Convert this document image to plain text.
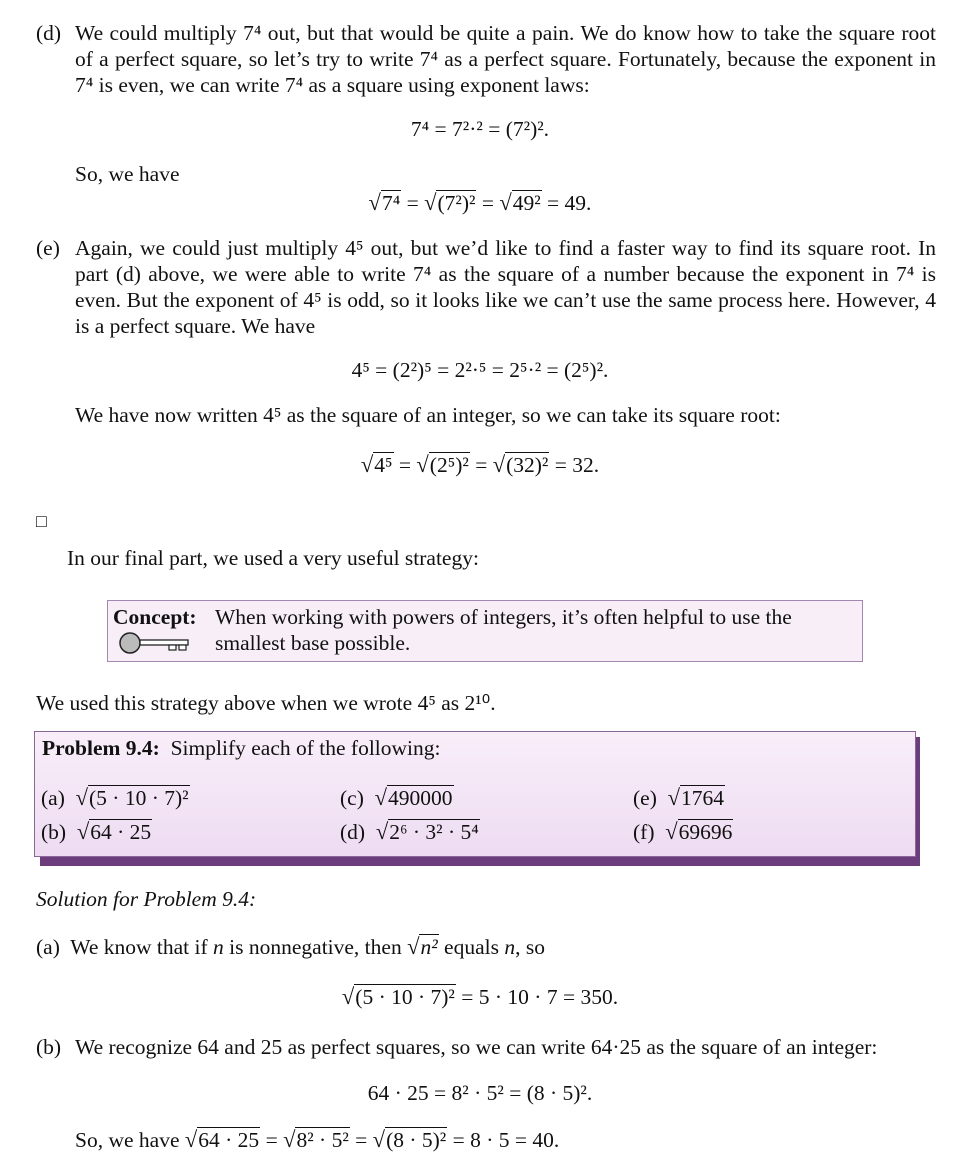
(d) We could multiply 7⁴ out, but that would be quite a pain. We do know how to take the square root of a perfect square, so let’s try to write 7⁴ as a perfect square. Fortunately, because the exponent in 7⁴ is even, we can write 7⁴ as a square using exponent laws:
7⁴ = 7²·² = (7²)².
So, we have
√7⁴ = √(7²)² = √49² = 49.
(e) Again, we could just multiply 4⁵ out, but we’d like to find a faster way to find its square root. In part (d) above, we were able to write 7⁴ as the square of a number because the exponent in 7⁴ is even. But the exponent of 4⁵ is odd, so it looks like we can’t use the same process here. However, 4 is a perfect square. We have
4⁵ = (2²)⁵ = 2²·⁵ = 2⁵·² = (2⁵)².
We have now written 4⁵ as the square of an integer, so we can take its square root:
√4⁵ = √(2⁵)² = √(32)² = 32.
□
In our final part, we used a very useful strategy:
Concept: When working with powers of integers, it’s often helpful to use the smallest base possible.
We used this strategy above when we wrote 4⁵ as 2¹⁰.
Problem 9.4: Simplify each of the following:
(a) √(5 · 10 · 7)²
(b) √64 · 25
(c) √490000
(d) √2⁶ · 3² · 5⁴
(e) √1764
(f) √69696
Solution for Problem 9.4:
(a) We know that if n is nonnegative, then √n² equals n, so
√(5 · 10 · 7)² = 5 · 10 · 7 = 350.
(b) We recognize 64 and 25 as perfect squares, so we can write 64·25 as the square of an integer:
64 · 25 = 8² · 5² = (8 · 5)².
So, we have √64 · 25 = √8² · 5² = √(8 · 5)² = 8 · 5 = 40.
